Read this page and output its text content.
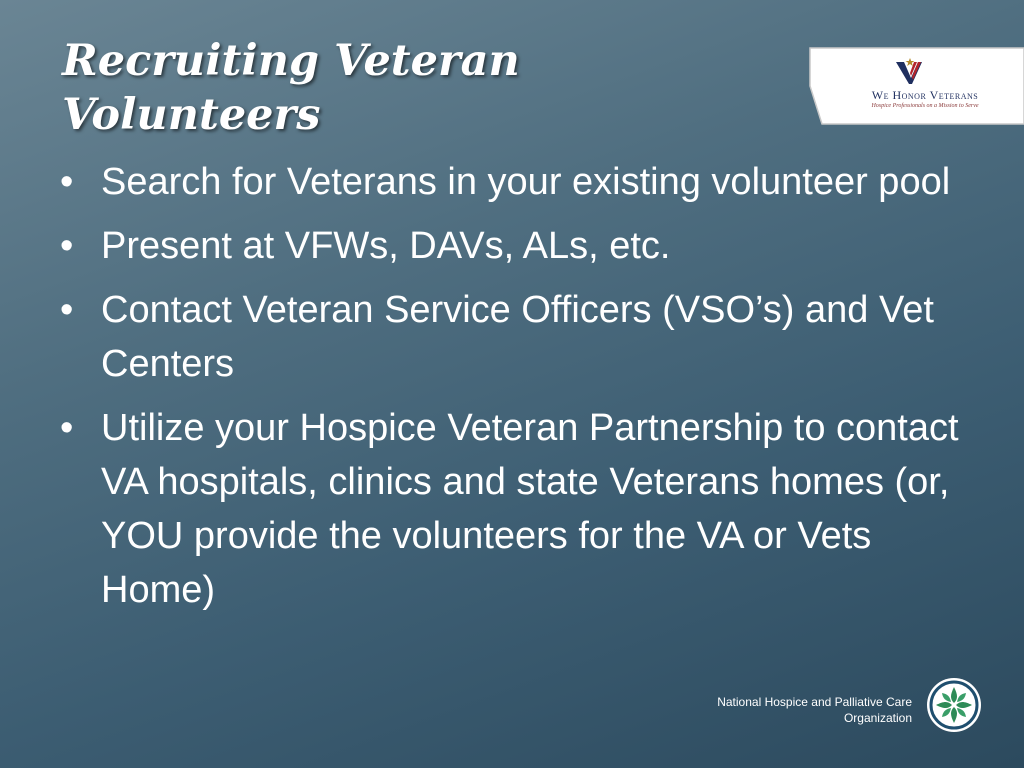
Recruiting Veteran Volunteers	We Honor Veterans
Hospice Professionals on a Mission to Serve
• Search for Veterans in your existing volunteer pool
• Present at VFWs, DAVs, ALs, etc.
• Contact Veteran Service Officers (VSO’s) and Vet Centers
• Utilize your Hospice Veteran Partnership to contact VA hospitals, clinics and state Veterans homes (or, YOU provide the volunteers for the VA or Vets Home)
National Hospice and Palliative Care
Organization
